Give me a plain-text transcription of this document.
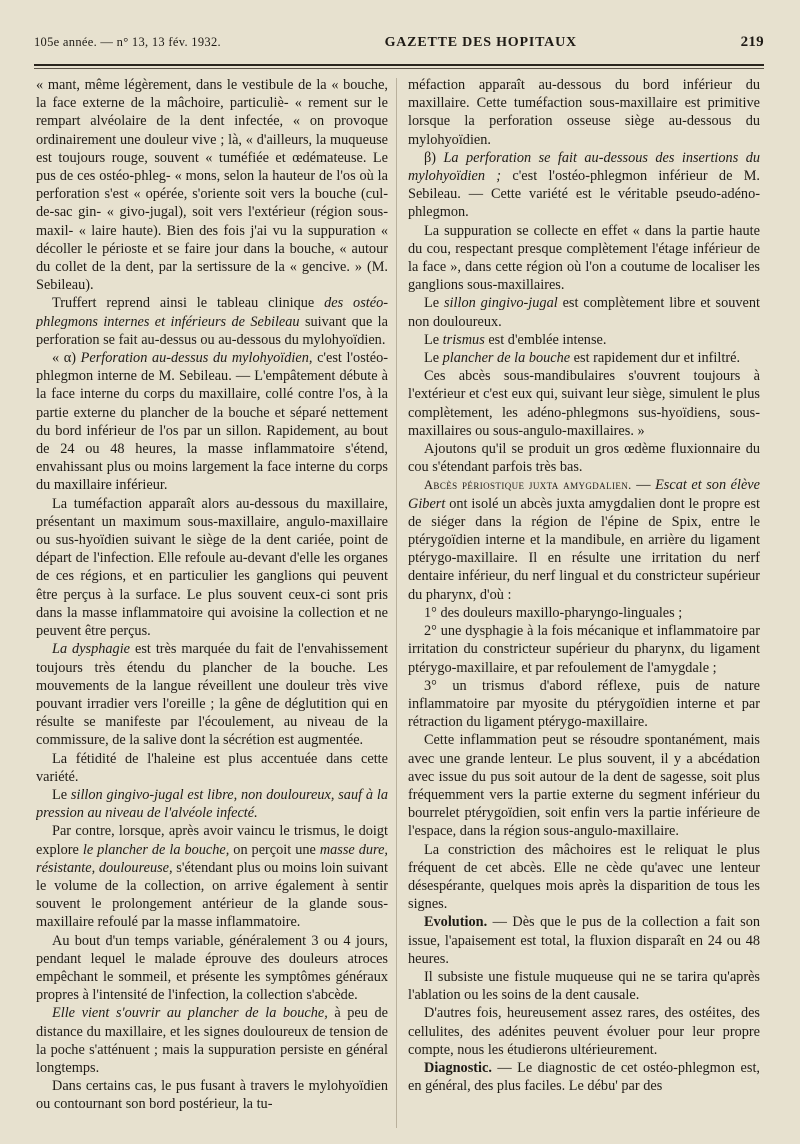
105e année. — n° 13, 13 fév. 1932.	GAZETTE DES HOPITAUX	219

« mant, même légèrement, dans le vestibule de la « bouche, la face externe de la mâchoire, particuliè- « rement sur le rempart alvéolaire de la dent infectée, « on provoque ordinairement une douleur vive ; là, « d'ailleurs, la muqueuse est toujours rouge, souvent « tuméfiée et œdémateuse. Le pus de ces ostéo-phleg- « mons, selon la hauteur de l'os où la perforation s'est « opérée, s'oriente soit vers la bouche (cul-de-sac gin- « givo-jugal), soit vers l'extérieur (région sous-maxil- « laire haute). Bien des fois j'ai vu la suppuration « décoller le périoste et se faire jour dans la bouche, « autour du collet de la dent, par la sertissure de la « gencive. » (M. Sebileau).

Truffert reprend ainsi le tableau clinique des ostéo-phlegmons internes et inférieurs de Sebileau suivant que la perforation se fait au-dessus ou au-dessous du mylohyoïdien.

« α) Perforation au-dessus du mylohyoïdien, c'est l'ostéo-phlegmon interne de M. Sebileau. — L'empâtement débute à la face interne du corps du maxillaire, collé contre l'os, à la partie externe du plancher de la bouche et séparé nettement du bord inférieur de l'os par un sillon. Rapidement, au bout de 24 ou 48 heures, la masse inflammatoire s'étend, envahissant plus ou moins largement la face interne du corps du maxillaire inférieur.

La tuméfaction apparaît alors au-dessous du maxillaire, présentant un maximum sous-maxillaire, angulo-maxillaire ou sus-hyoïdien suivant le siège de la dent cariée, point de départ de l'infection. Elle refoule au-devant d'elle les organes de ces régions, et en particulier les ganglions qui peuvent être perçus à la surface. Le plus souvent ceux-ci sont pris dans la masse inflammatoire qui avoisine la collection et ne peuvent être perçus.

La dysphagie est très marquée du fait de l'envahissement toujours très étendu du plancher de la bouche. Les mouvements de la langue réveillent une douleur très vive pouvant irradier vers l'oreille ; la gêne de déglutition qui en résulte se manifeste par l'écoulement, au niveau de la commissure, de la salive dont la sécrétion est augmentée.

La fétidité de l'haleine est plus accentuée dans cette variété.

Le sillon gingivo-jugal est libre, non douloureux, sauf à la pression au niveau de l'alvéole infecté.

Par contre, lorsque, après avoir vaincu le trismus, le doigt explore le plancher de la bouche, on perçoit une masse dure, résistante, douloureuse, s'étendant plus ou moins loin suivant le volume de la collection, on arrive également à sentir souvent le prolongement antérieur de la glande sous-maxillaire refoulé par la masse inflammatoire.

Au bout d'un temps variable, généralement 3 ou 4 jours, pendant lequel le malade éprouve des douleurs atroces empêchant le sommeil, et présente les symptômes généraux propres à l'intensité de l'infection, la collection s'abcède.

Elle vient s'ouvrir au plancher de la bouche, à peu de distance du maxillaire, et les signes douloureux de tension de la poche s'atténuent ; mais la suppuration persiste en général longtemps.

Dans certains cas, le pus fusant à travers le mylohyoïdien ou contournant son bord postérieur, la tu-

méfaction apparaît au-dessous du bord inférieur du maxillaire. Cette tuméfaction sous-maxillaire est primitive lorsque la perforation osseuse siège au-dessous du mylohyoïdien.

β) La perforation se fait au-dessous des insertions du mylohyoïdien ; c'est l'ostéo-phlegmon inférieur de M. Sebileau. — Cette variété est le véritable pseudo-adéno-phlegmon.

La suppuration se collecte en effet « dans la partie haute du cou, respectant presque complètement l'étage inférieur de la face », dans cette région où l'on a coutume de localiser les ganglions sous-maxillaires.

Le sillon gingivo-jugal est complètement libre et souvent non douloureux.

Le trismus est d'emblée intense.

Le plancher de la bouche est rapidement dur et infiltré.

Ces abcès sous-mandibulaires s'ouvrent toujours à l'extérieur et c'est eux qui, suivant leur siège, simulent le plus complètement, les adéno-phlegmons sus-hyoïdiens, sous-maxillaires ou sous-angulo-maxillaires. »

Ajoutons qu'il se produit un gros œdème fluxionnaire du cou s'étendant parfois très bas.

Abcès périostique juxta amygdalien. — Escat et son élève Gibert ont isolé un abcès juxta amygdalien dont le propre est de siéger dans la région de l'épine de Spix, entre le ptérygoïdien interne et la mandibule, en arrière du ligament ptérygo-maxillaire. Il en résulte une irritation du nerf dentaire inférieur, du nerf lingual et du constricteur supérieur du pharynx, d'où :

1° des douleurs maxillo-pharyngo-linguales ;

2° une dysphagie à la fois mécanique et inflammatoire par irritation du constricteur supérieur du pharynx, du ligament ptérygo-maxillaire, et par refoulement de l'amygdale ;

3° un trismus d'abord réflexe, puis de nature inflammatoire par myosite du ptérygoïdien interne et par rétraction du ligament ptérygo-maxillaire.

Cette inflammation peut se résoudre spontanément, mais avec une grande lenteur. Le plus souvent, il y a abcédation avec issue du pus soit autour de la dent de sagesse, soit plus fréquemment vers la partie externe du segment inférieur du bourrelet ptérygoïdien, soit enfin vers la partie inférieure de l'espace, dans la région sous-angulo-maxillaire.

La constriction des mâchoires est le reliquat le plus fréquent de cet abcès. Elle ne cède qu'avec une lenteur désespérante, quelques mois après la disparition de tous les signes.

Evolution. — Dès que le pus de la collection a fait son issue, l'apaisement est total, la fluxion disparaît en 24 ou 48 heures.

Il subsiste une fistule muqueuse qui ne se tarira qu'après l'ablation ou les soins de la dent causale.

D'autres fois, heureusement assez rares, des ostéites, des cellulites, des adénites peuvent évoluer pour leur propre compte, nous les étudierons ultérieurement.

Diagnostic. — Le diagnostic de cet ostéo-phlegmon est, en général, des plus faciles. Le débu' par des
